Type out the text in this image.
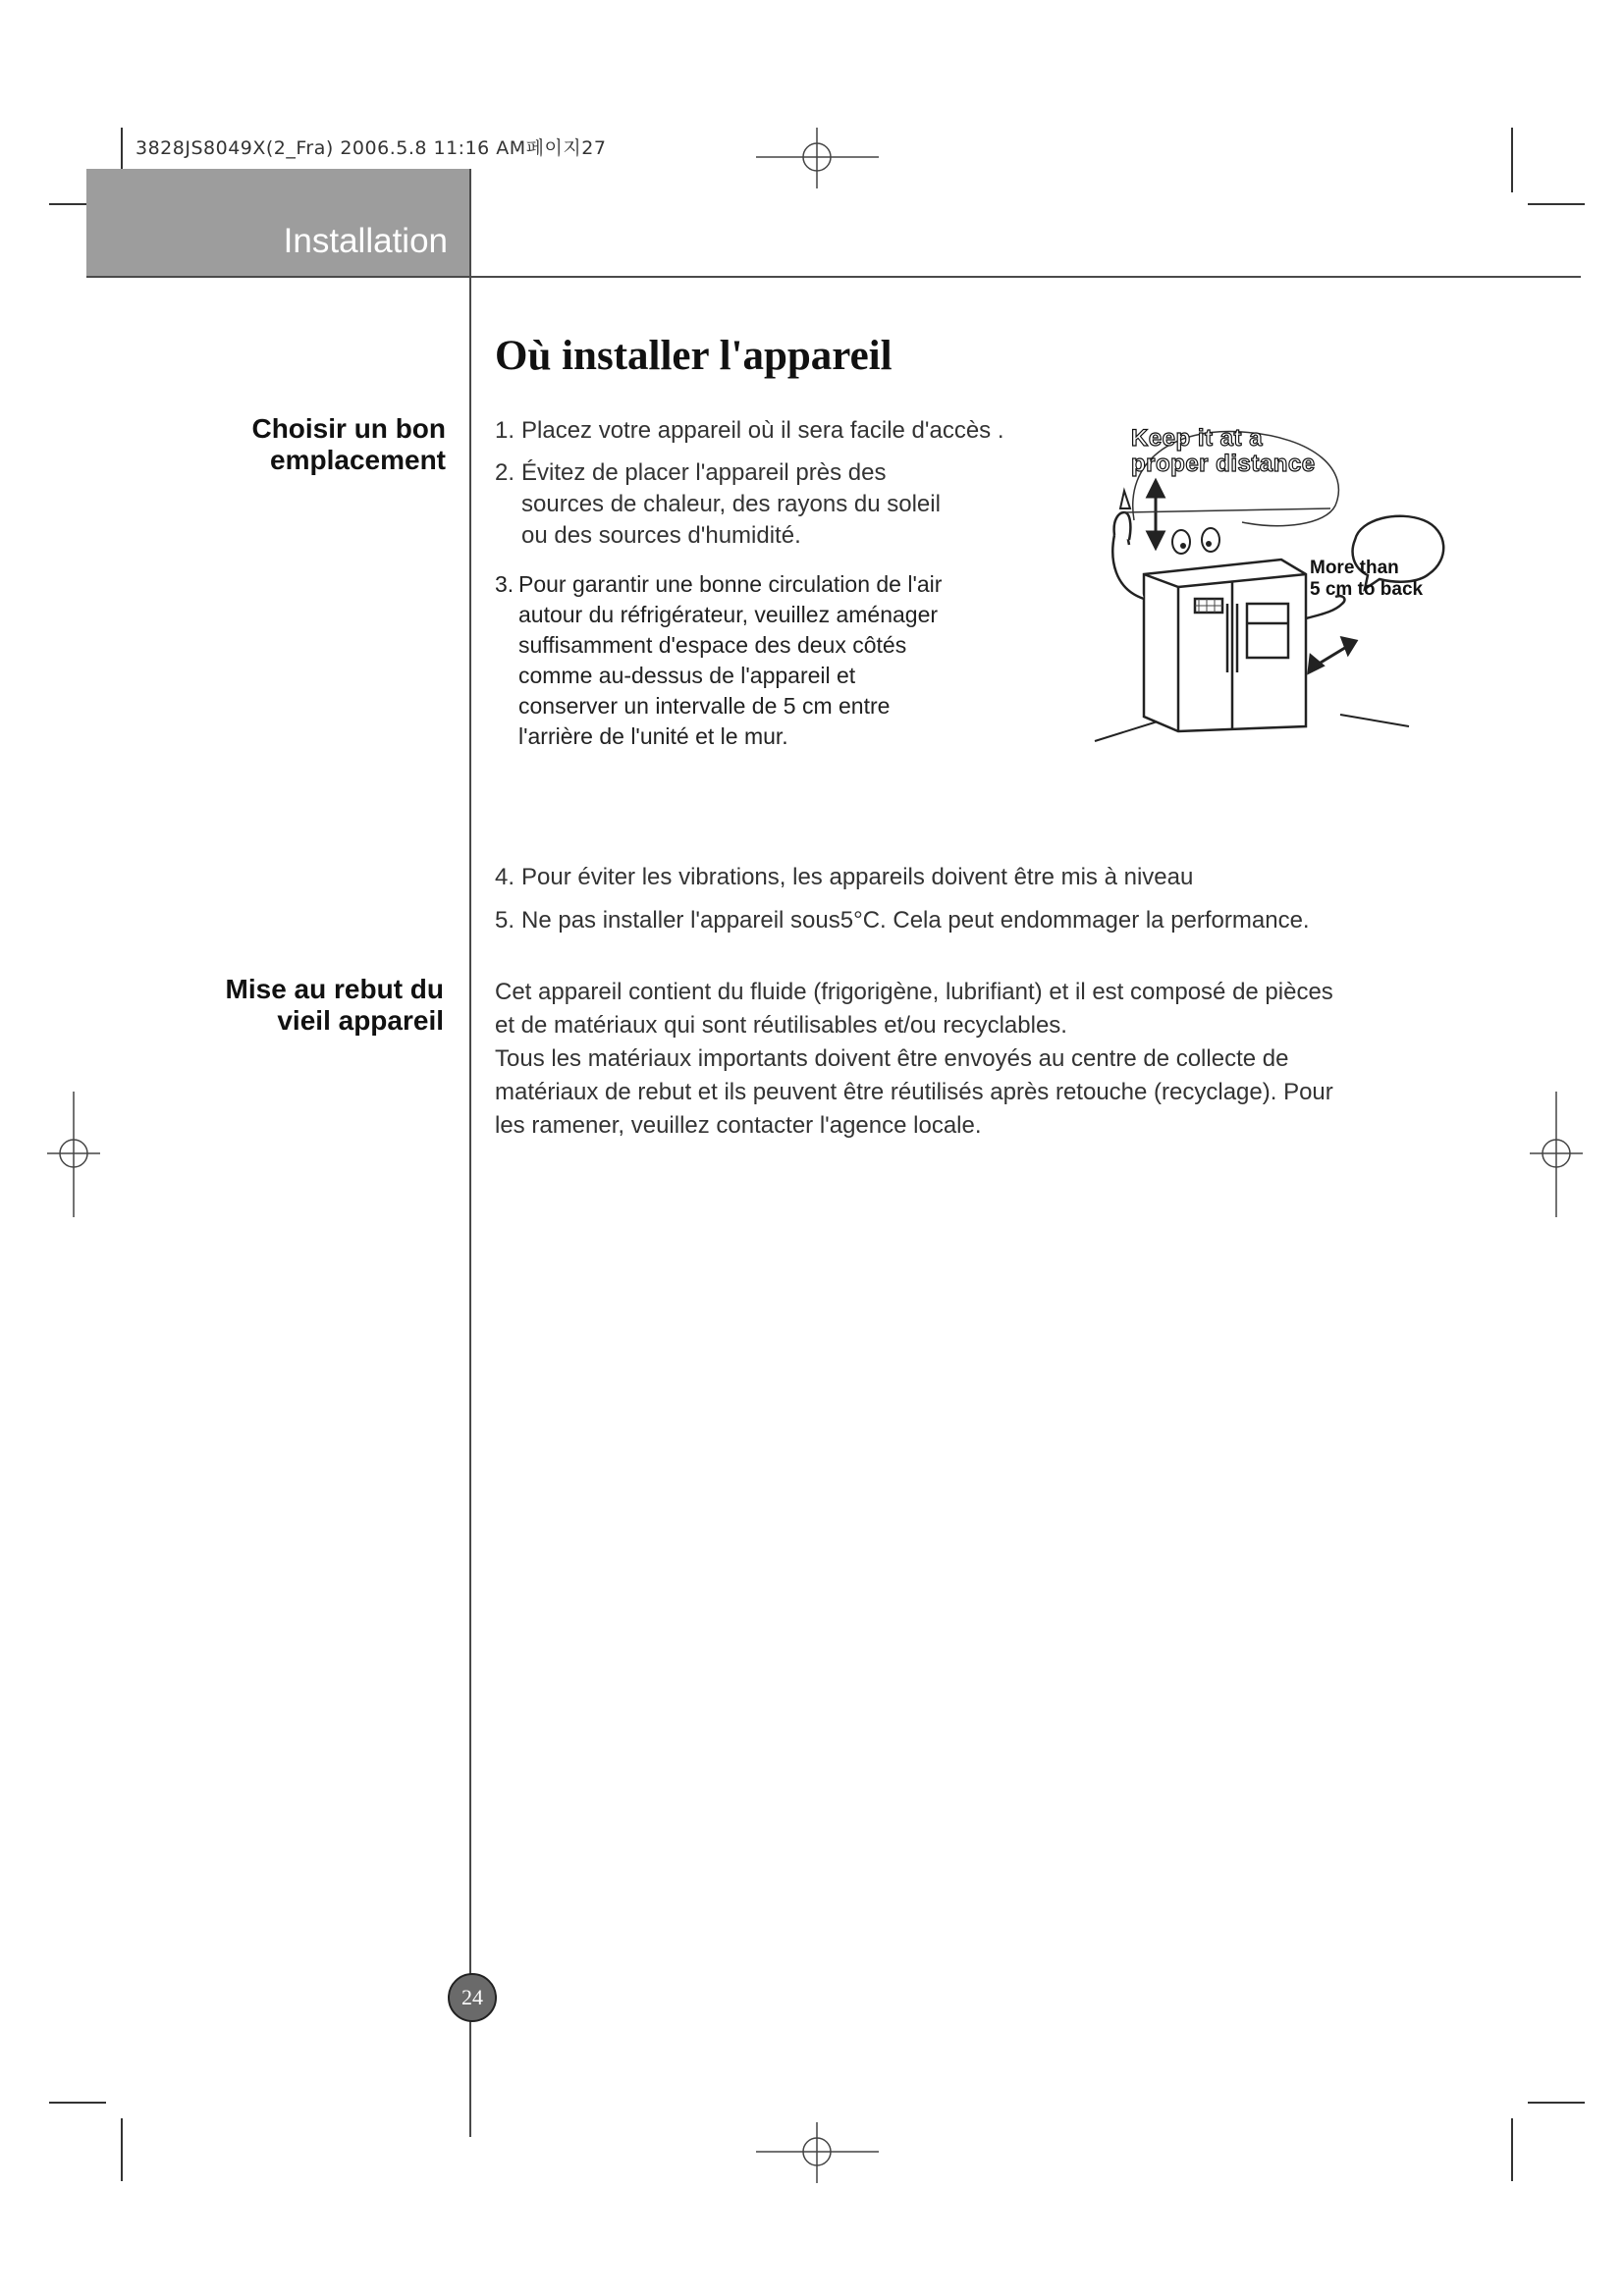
3828JS8049X(2_Fra) 2006.5.8 11:16 AM페이지27
Installation
Où installer l'appareil
Choisir un bon
emplacement
1. Placez votre appareil où il sera facile d'accès .
2. Évitez de placer l'appareil près des
sources de chaleur, des rayons du soleil
ou des sources d'humidité.
3. Pour garantir une bonne circulation de l'air
autour du réfrigérateur, veuillez aménager
suffisamment d'espace des deux côtés
comme au-dessus de l'appareil et
conserver un intervalle de 5 cm entre
l'arrière de l'unité et le mur.
Keep it at a
proper distance
More than
5 cm to back
4. Pour éviter les vibrations, les appareils doivent être mis à niveau
5. Ne pas installer l'appareil sous5°C. Cela peut endommager la performance.
Mise au rebut du
vieil appareil
Cet appareil contient du fluide (frigorigène, lubrifiant) et il est composé de pièces
et de matériaux qui sont réutilisables et/ou recyclables.
Tous les matériaux importants doivent être envoyés au centre de collecte de
matériaux de rebut et ils peuvent être réutilisés après retouche (recyclage). Pour
les ramener, veuillez contacter l'agence locale.
24
